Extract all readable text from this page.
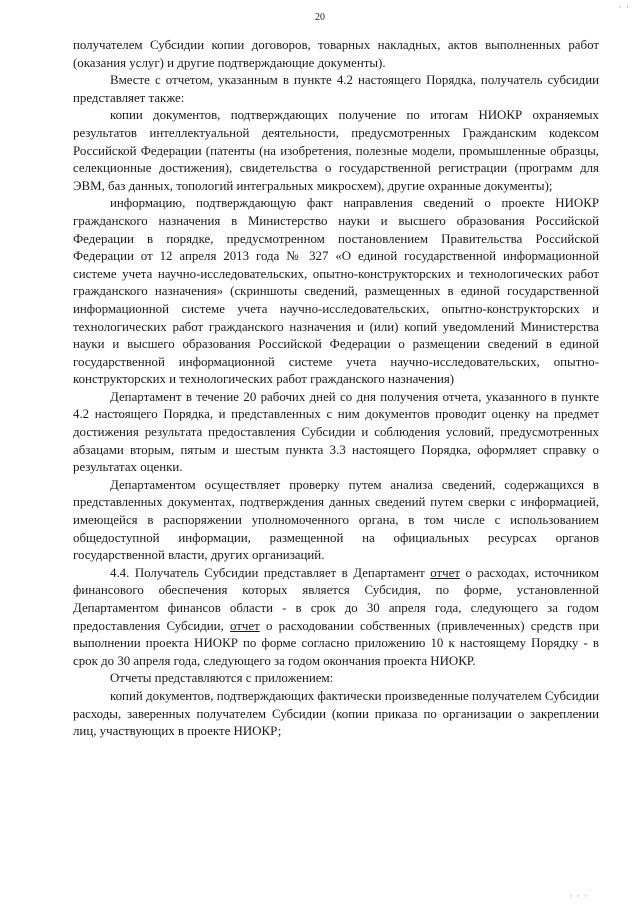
· ·
20

получателем Субсидии копии договоров, товарных накладных, актов выполненных работ (оказания услуг) и другие подтверждающие документы).

Вместе с отчетом, указанным в пункте 4.2 настоящего Порядка, получатель субсидии представляет также:

копии документов, подтверждающих получение по итогам НИОКР охраняемых результатов интеллектуальной деятельности, предусмотренных Гражданским кодексом Российской Федерации (патенты (на изобретения, полезные модели, промышленные образцы, селекционные достижения), свидетельства о государственной регистрации (программ для ЭВМ, баз данных, топологий интегральных микросхем), другие охранные документы);

информацию, подтверждающую факт направления сведений о проекте НИОКР гражданского назначения в Министерство науки и высшего образования Российской Федерации в порядке, предусмотренном постановлением Правительства Российской Федерации от 12 апреля 2013 года № 327 «О единой государственной информационной системе учета научно-исследовательских, опытно-конструкторских и технологических работ гражданского назначения» (скриншоты сведений, размещенных в единой государственной информационной системе учета научно-исследовательских, опытно-конструкторских и технологических работ гражданского назначения и (или) копий уведомлений Министерства науки и высшего образования Российской Федерации о размещении сведений в единой государственной информационной системе учета научно-исследовательских, опытно-конструкторских и технологических работ гражданского назначения)

Департамент в течение 20 рабочих дней со дня получения отчета, указанного в пункте 4.2 настоящего Порядка, и представленных с ним документов проводит оценку на предмет достижения результата предоставления Субсидии и соблюдения условий, предусмотренных абзацами вторым, пятым и шестым пункта 3.3 настоящего Порядка, оформляет справку о результатах оценки.

Департаментом осуществляет проверку путем анализа сведений, содержащихся в представленных документах, подтверждения данных сведений путем сверки с информацией, имеющейся в распоряжении уполномоченного органа, в том числе с использованием общедоступной информации, размещенной на официальных ресурсах органов государственной власти, других организаций.

4.4. Получатель Субсидии представляет в Департамент отчет о расходах, источником финансового обеспечения которых является Субсидия, по форме, установленной Департаментом финансов области - в срок до 30 апреля года, следующего за годом предоставления Субсидии, отчет о расходовании собственных (привлеченных) средств при выполнении проекта НИОКР по форме согласно приложению 10 к настоящему Порядку - в срок до 30 апреля года, следующего за годом окончания проекта НИОКР.

Отчеты представляются с приложением:

копий документов, подтверждающих фактически произведенные получателем Субсидии расходы, заверенных получателем Субсидии (копии приказа по организации о закреплении лиц, участвующих в проекте НИОКР;

· · ·
